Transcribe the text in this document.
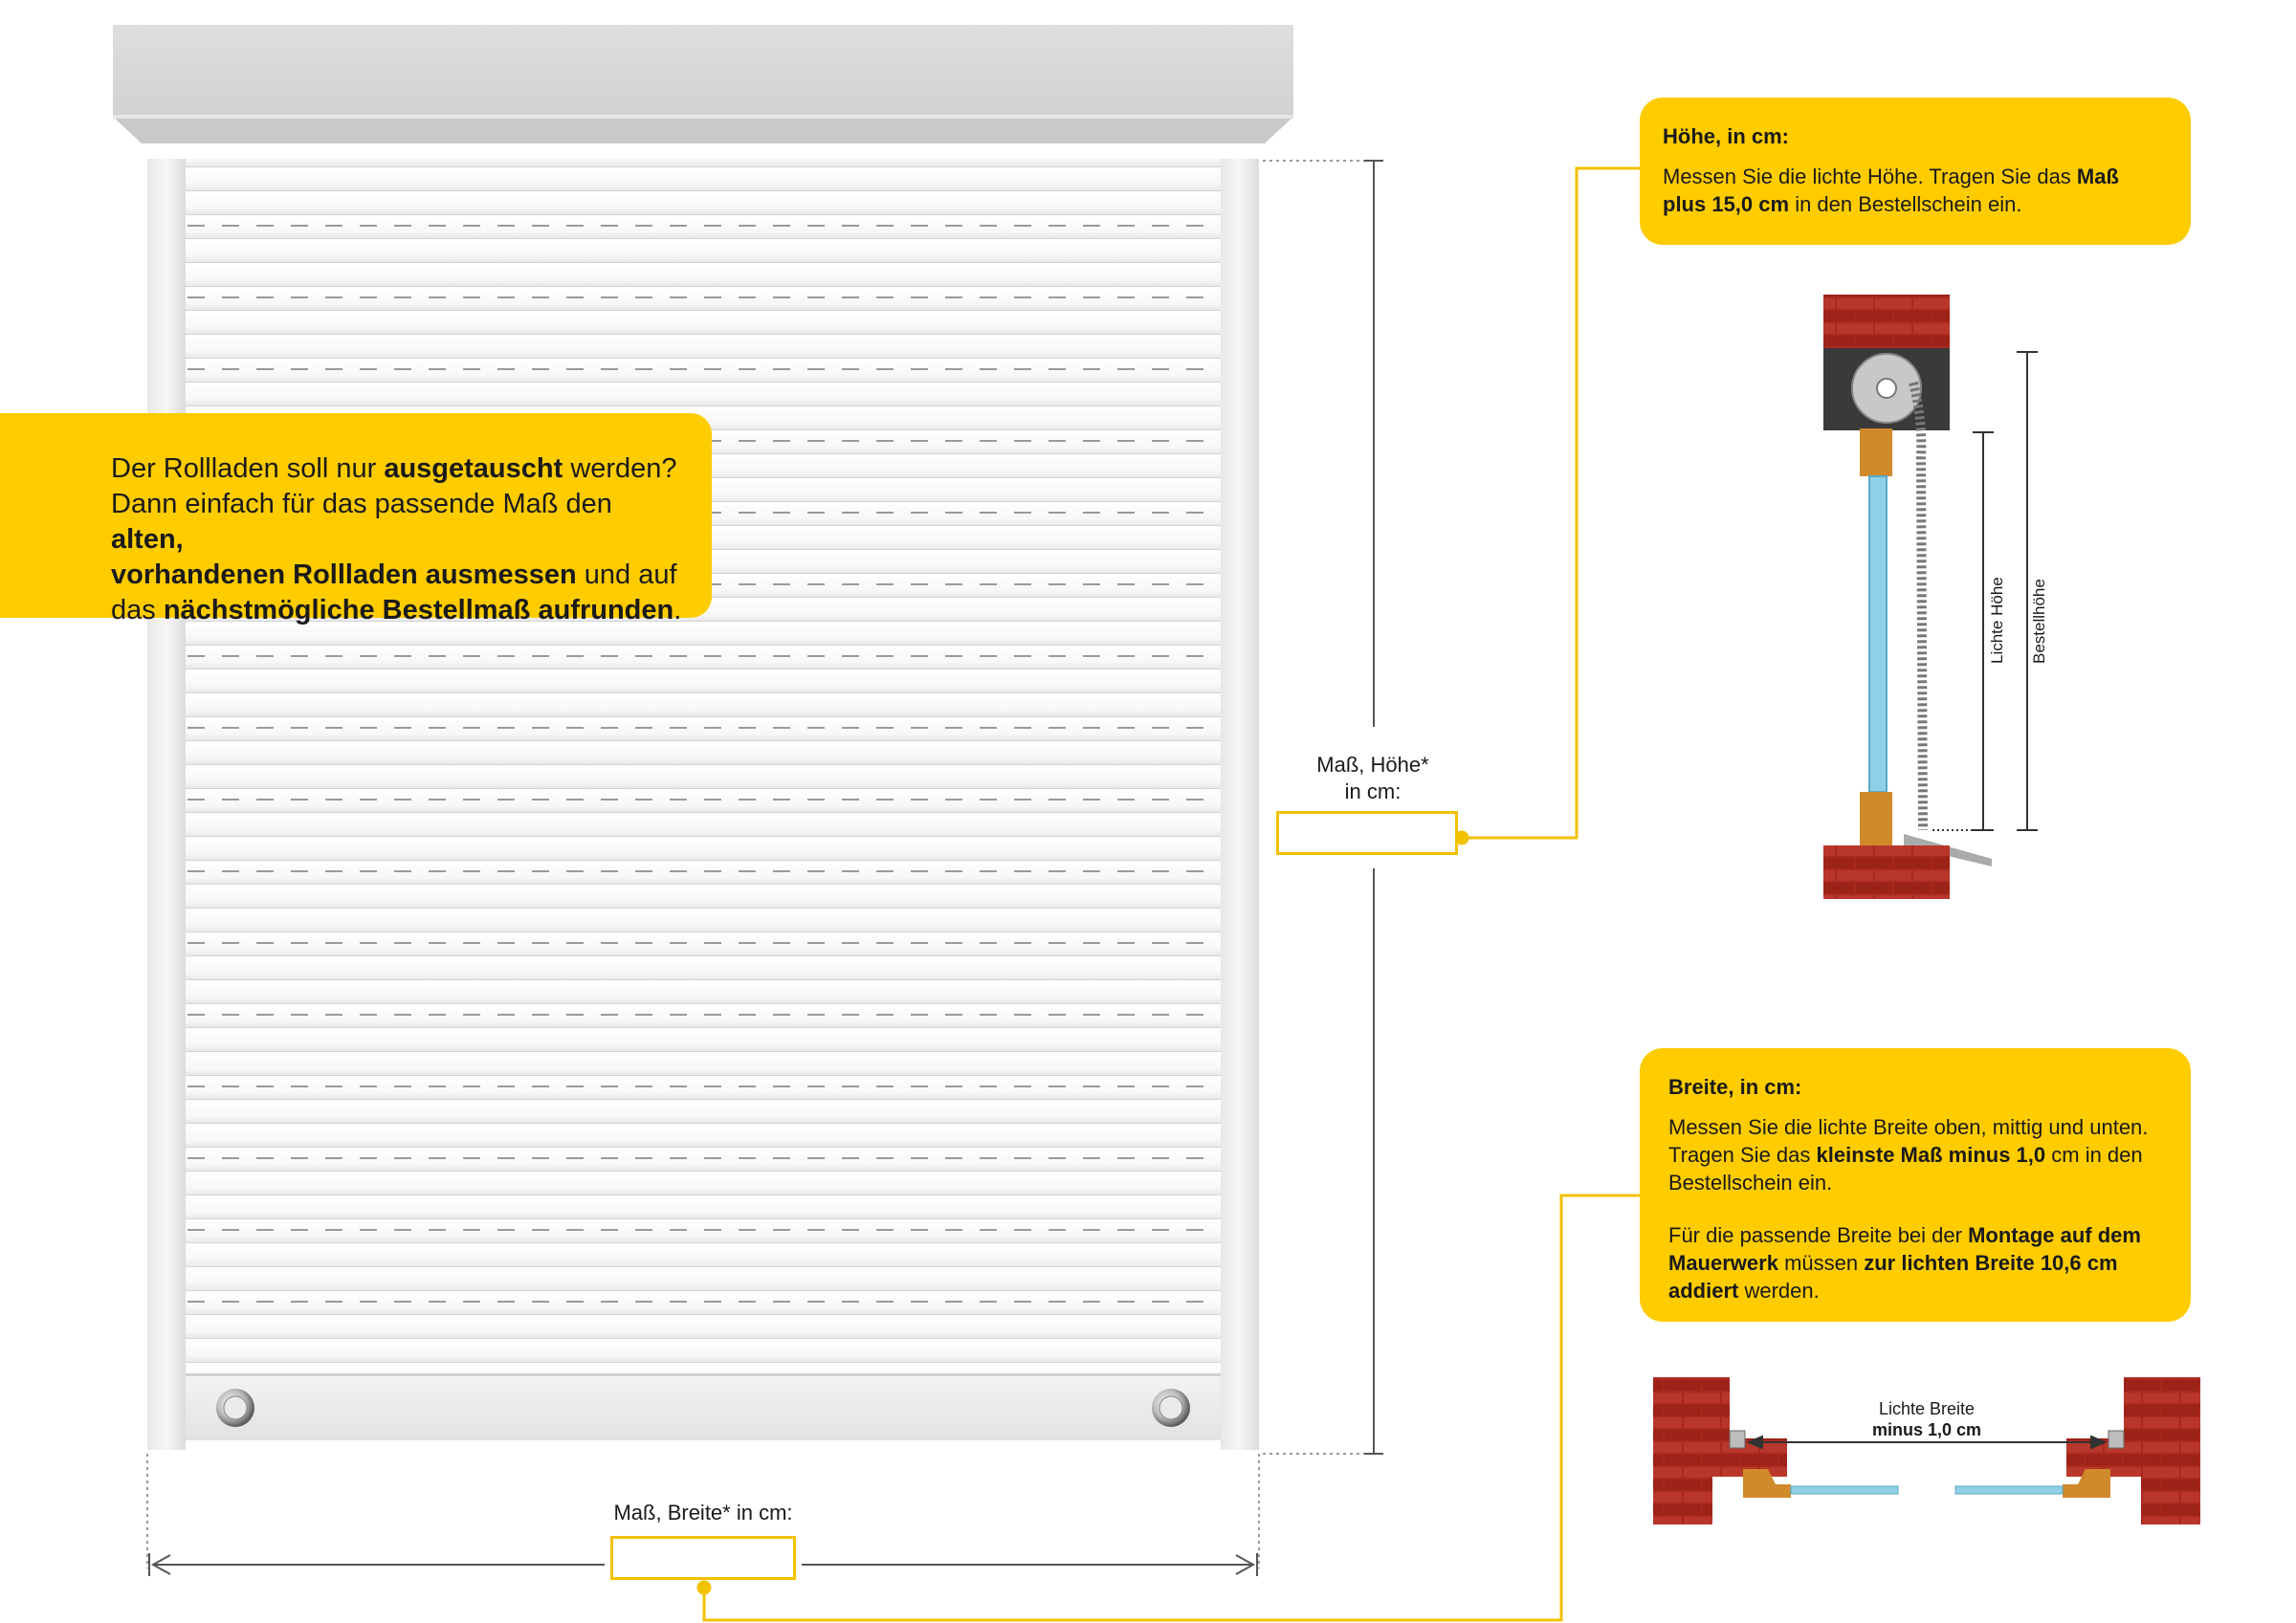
Der Rollladen soll nur ausgetauscht werden?

Dann einfach für das passende Maß den alten,

vorhandenen Rollladen ausmessen und auf

das nächstmögliche Bestellmaß aufrunden.

Höhe, in cm:

Messen Sie die lichte Höhe. Tragen Sie das Maß plus 15,0 cm in den Bestellschein ein.

Breite, in cm:

Messen Sie die lichte Breite oben, mittig und unten. Tragen Sie das kleinste Maß minus 1,0 cm in den Bestellschein ein.

Für die passende Breite bei der Montage auf dem Mauerwerk müssen zur lichten Breite 10,6 cm addiert werden.

Maß, Höhe*
in cm:
Maß, Breite* in cm:
Lichte Höhe Bestellhöhe
Lichte Breite
minus 1,0 cm
